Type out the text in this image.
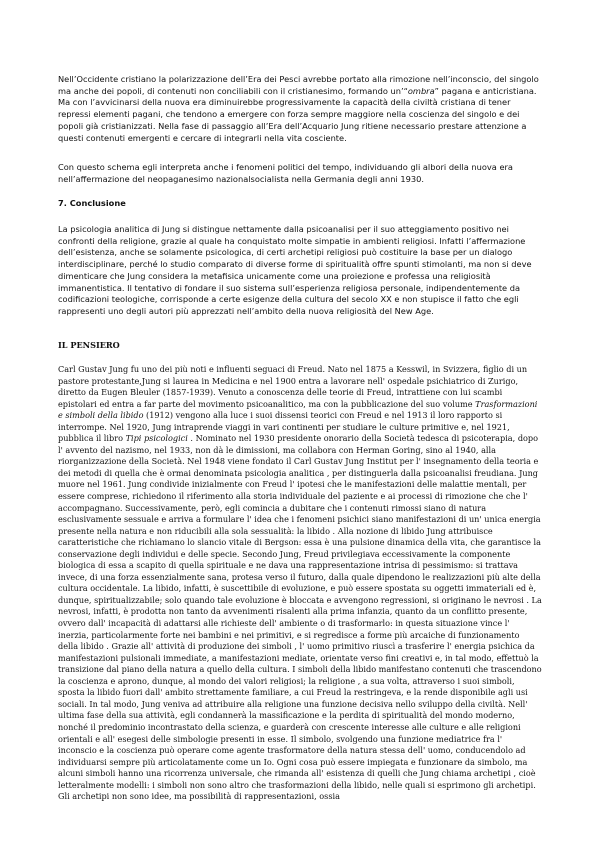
Nell’Occidente cristiano la polarizzazione dell’Era dei Pesci avrebbe portato alla rimozione nell’inconscio, del singolo ma anche dei popoli, di contenuti non conciliabili con il cristianesimo, formando un’“ombra” pagana e anticristiana. Ma con l’avvicinarsi della nuova era diminuirebbe progressivamente la capacità della civiltà cristiana di tener repressi elementi pagani, che tendono a emergere con forza sempre maggiore nella coscienza del singolo e dei popoli già cristianizzati. Nella fase di passaggio all’Era dell’Acquario Jung ritiene necessario prestare attenzione a questi contenuti emergenti e cercare di integrarli nella vita cosciente.

Con questo schema egli interpreta anche i fenomeni politici del tempo, individuando gli albori della nuova era nell’affermazione del neopaganesimo nazionalsocialista nella Germania degli anni 1930.

7. Conclusione

La psicologia analitica di Jung si distingue nettamente dalla psicoanalisi per il suo atteggiamento positivo nei confronti della religione, grazie al quale ha conquistato molte simpatie in ambienti religiosi. Infatti l’affermazione dell’esistenza, anche se solamente psicologica, di certi archetipi religiosi può costituire la base per un dialogo interdisciplinare, perché lo studio comparato di diverse forme di spiritualità offre spunti stimolanti, ma non si deve dimenticare che Jung considera la metafisica unicamente come una proiezione e professa una religiosità immanentistica. Il tentativo di fondare il suo sistema sull’esperienza religiosa personale, indipendentemente da codificazioni teologiche, corrisponde a certe esigenze della cultura del secolo XX e non stupisce il fatto che egli rappresenti uno degli autori più apprezzati nell’ambito della nuova religiosità del New Age.

IL PENSIERO

Carl Gustav Jung fu uno dei più noti e influenti seguaci di Freud. Nato nel 1875 a Kesswil, in Svizzera, figlio di un pastore protestante,Jung si laurea in Medicina e nel 1900 entra a lavorare nell' ospedale psichiatrico di Zurigo, diretto da Eugen Bleuler (1857-1939). Venuto a conoscenza delle teorie di Freud, intrattiene con lui scambi epistolari ed entra a far parte del movimento psicoanalitico, ma con la pubblicazione del suo volume Trasformazioni e simboli della libido (1912) vengono alla luce i suoi dissensi teorici con Freud e nel 1913 il loro rapporto si interrompe. Nel 1920, Jung intraprende viaggi in vari continenti per studiare le culture primitive e, nel 1921, pubblica il libro Tipi psicologici . Nominato nel 1930 presidente onorario della Società tedesca di psicoterapia, dopo l' avvento del nazismo, nel 1933, non dà le dimissioni, ma collabora con Herman Goring, sino al 1940, alla riorganizzazione della Società. Nel 1948 viene fondato il Carl Gustav Jung Institut per l' insegnamento della teoria e dei metodi di quella che è ormai denominata psicologia analitica , per distinguerla dalla psicoanalisi freudiana. Jung muore nel 1961. Jung condivide inizialmente con Freud l' ipotesi che le manifestazioni delle malattie mentali, per essere comprese, richiedono il riferimento alla storia individuale del paziente e ai processi di rimozione che che l' accompagnano. Successivamente, però, egli comincia a dubitare che i contenuti rimossi siano di natura esclusivamente sessuale e arriva a formulare l' idea che i fenomeni psichici siano manifestazioni di un' unica energia presente nella natura e non riducibili alla sola sessualità: la libido . Alla nozione di libido Jung attribuisce caratteristiche che richiamano lo slancio vitale di Bergson: essa è una pulsione dinamica della vita, che garantisce la conservazione degli individui e delle specie. Secondo Jung, Freud privilegiava eccessivamente la componente biologica di essa a scapito di quella spirituale e ne dava una rappresentazione intrisa di pessimismo: si trattava invece, di una forza essenzialmente sana, protesa verso il futuro, dalla quale dipendono le realizzazioni più alte della cultura occidentale. La libido, infatti, è suscettibile di evoluzione, e può essere spostata su oggetti immateriali ed è, dunque, spiritualizzabile; solo quando tale evoluzione è bloccata e avvengono regressioni, si originano le nevrosi . La nevrosi, infatti, è prodotta non tanto da avvenimenti risalenti alla prima infanzia, quanto da un conflitto presente, ovvero dall' incapacità di adattarsi alle richieste dell' ambiente o di trasformarlo: in questa situazione vince l' inerzia, particolarmente forte nei bambini e nei primitivi, e si regredisce a forme più arcaiche di funzionamento della libido . Grazie all' attività di produzione dei simboli , l' uomo primitivo riuscì a trasferire l' energia psichica da manifestazioni pulsionali immediate, a manifestazioni mediate, orientate verso fini creativi e, in tal modo, effettuò la transizione dal piano della natura a quello della cultura. I simboli della libido manifestano contenuti che trascendono la coscienza e aprono, dunque, al mondo dei valori religiosi; la religione , a sua volta, attraverso i suoi simboli, sposta la libido fuori dall' ambito strettamente familiare, a cui Freud la restringeva, e la rende disponibile agli usi sociali. In tal modo, Jung veniva ad attribuire alla religione una funzione decisiva nello sviluppo della civiltà. Nell' ultima fase della sua attività, egli condannerà la massificazione e la perdita di spiritualità del mondo moderno, nonché il predominio incontrastato della scienza, e guarderà con crescente interesse alle culture e alle religioni orientali e all' esegesi delle simbologie presenti in esse. Il simbolo, svolgendo una funzione mediatrice fra l' inconscio e la coscienza può operare come agente trasformatore della natura stessa dell' uomo, conducendolo ad individuarsi sempre più articolatamente come un Io. Ogni cosa può essere impiegata e funzionare da simbolo, ma alcuni simboli hanno una ricorrenza universale, che rimanda all' esistenza di quelli che Jung chiama archetipi , cioè letteralmente modelli: i simboli non sono altro che trasformazioni della libido, nelle quali si esprimono gli archetipi. Gli archetipi non sono idee, ma possibilità di rappresentazioni, ossia
